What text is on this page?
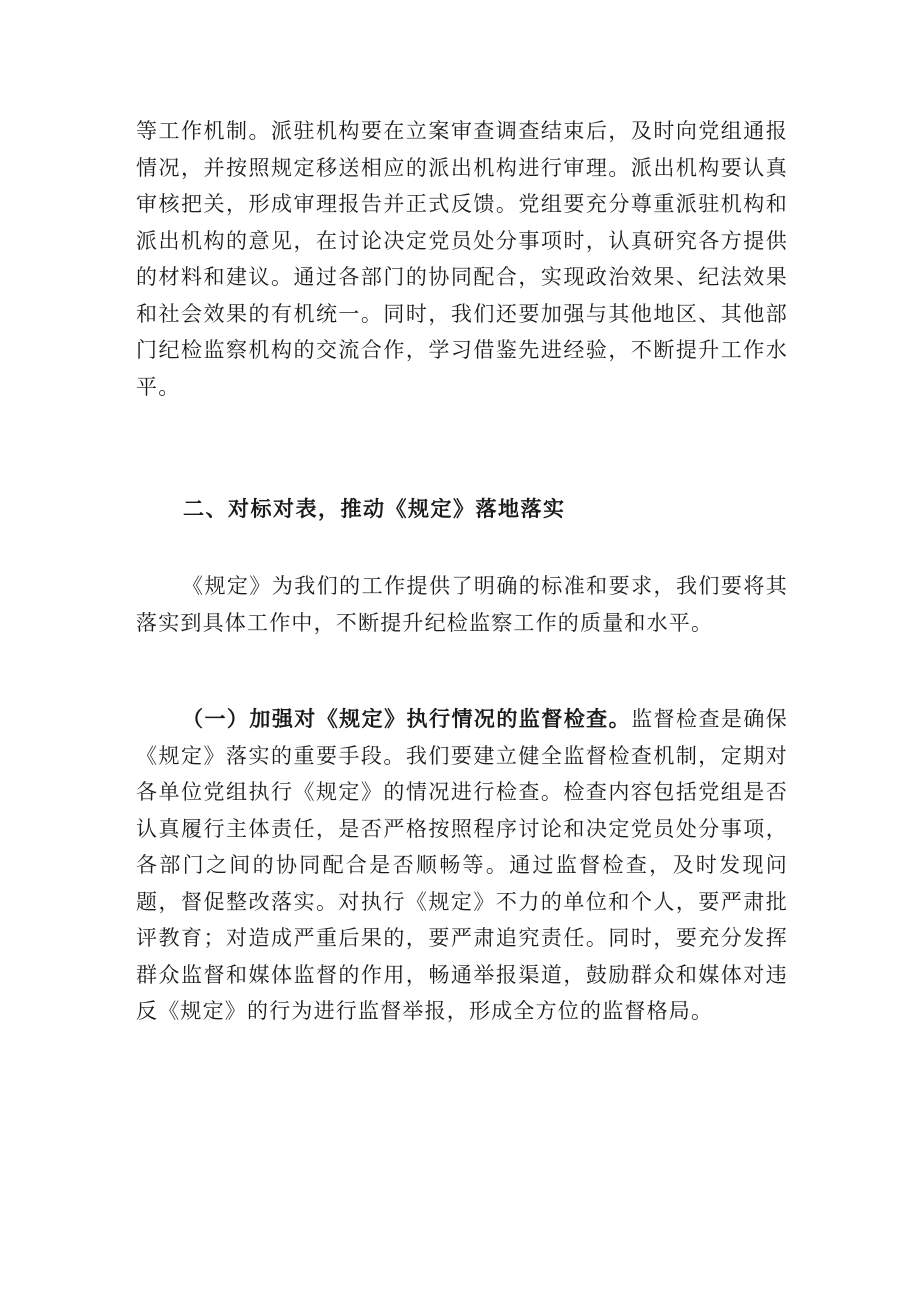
等工作机制。派驻机构要在立案审查调查结束后，及时向党组通报情况，并按照规定移送相应的派出机构进行审理。派出机构要认真审核把关，形成审理报告并正式反馈。党组要充分尊重派驻机构和派出机构的意见，在讨论决定党员处分事项时，认真研究各方提供的材料和建议。通过各部门的协同配合，实现政治效果、纪法效果和社会效果的有机统一。同时，我们还要加强与其他地区、其他部门纪检监察机构的交流合作，学习借鉴先进经验，不断提升工作水平。

二、对标对表，推动《规定》落地落实

《规定》为我们的工作提供了明确的标准和要求，我们要将其落实到具体工作中，不断提升纪检监察工作的质量和水平。

（一）加强对《规定》执行情况的监督检查。监督检查是确保《规定》落实的重要手段。我们要建立健全监督检查机制，定期对各单位党组执行《规定》的情况进行检查。检查内容包括党组是否认真履行主体责任，是否严格按照程序讨论和决定党员处分事项，各部门之间的协同配合是否顺畅等。通过监督检查，及时发现问题，督促整改落实。对执行《规定》不力的单位和个人，要严肃批评教育；对造成严重后果的，要严肃追究责任。同时，要充分发挥群众监督和媒体监督的作用，畅通举报渠道，鼓励群众和媒体对违反《规定》的行为进行监督举报，形成全方位的监督格局。
